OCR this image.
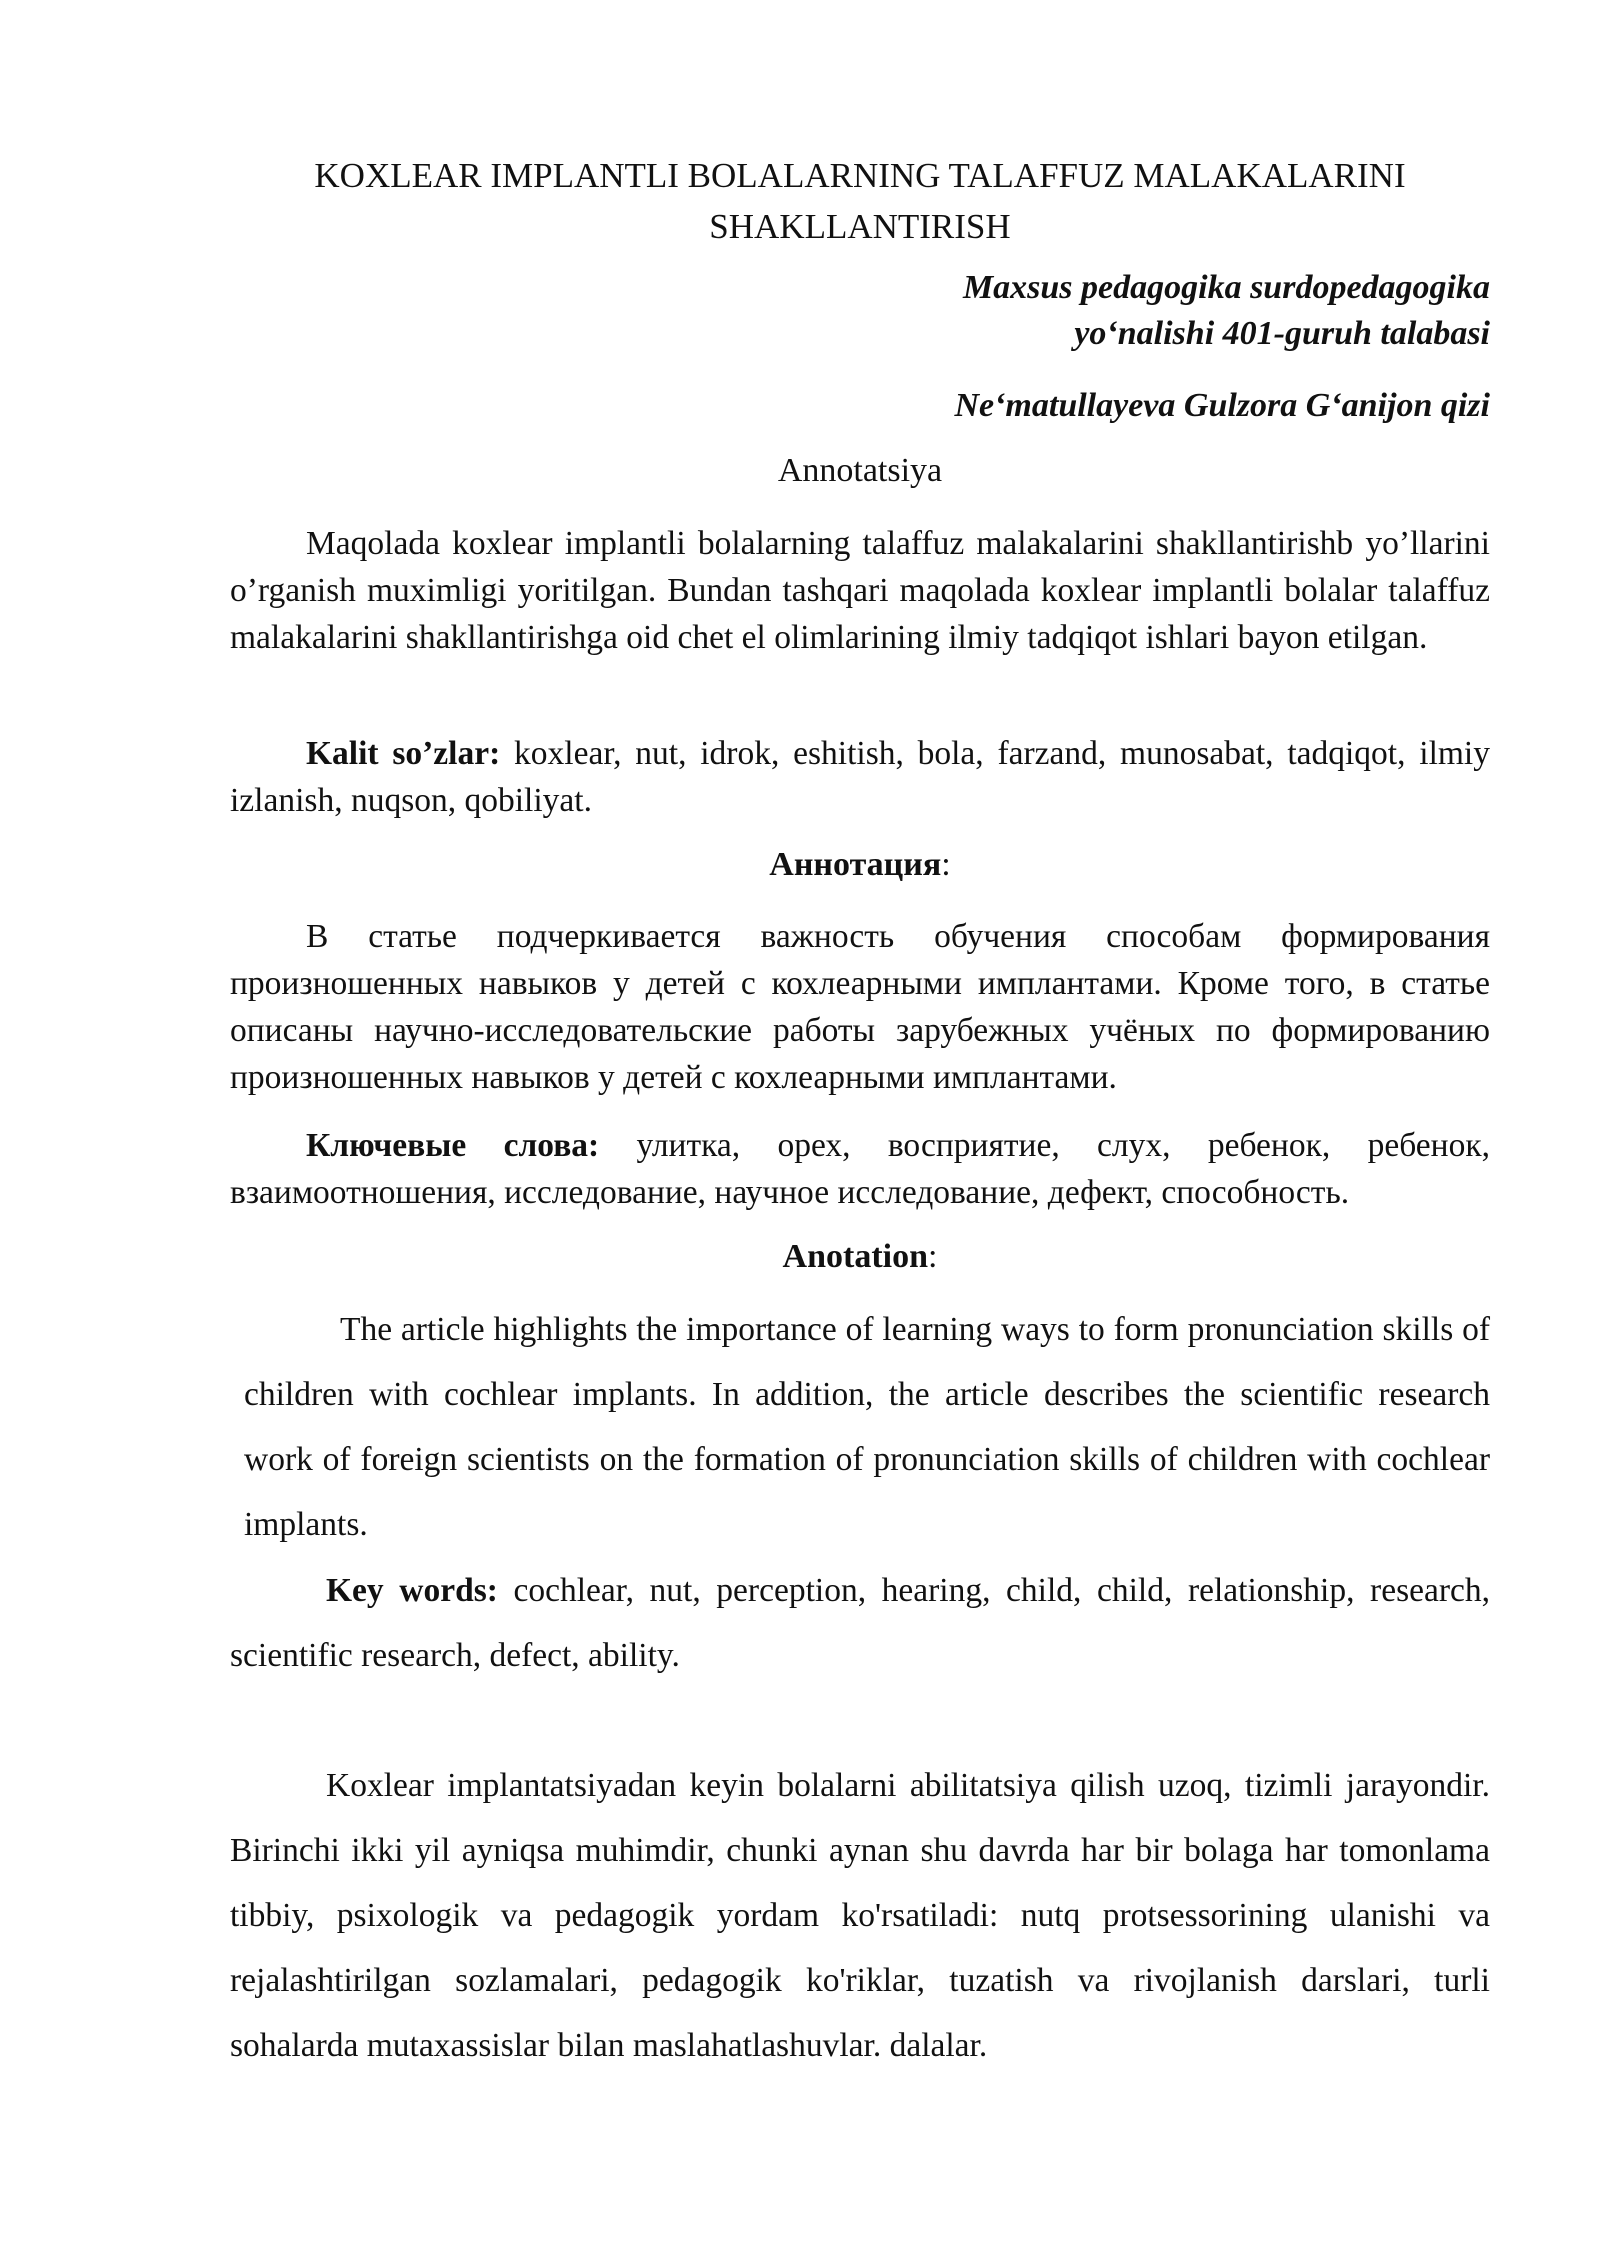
KOXLEAR IMPLANTLI BOLALARNING TALAFFUZ MALAKALARINI
SHAKLLANTIRISH
Maxsus pedagogika surdopedagogika
yo‘nalishi 401-guruh talabasi
Ne‘matullayeva Gulzora G‘anijon qizi
Annotatsiya
Maqolada koxlear implantli bolalarning talaffuz malakalarini shakllantirishb yo’llarini o’rganish muximligi yoritilgan. Bundan tashqari maqolada koxlear implantli bolalar talaffuz malakalarini shakllantirishga oid chet el olimlarining ilmiy tadqiqot ishlari bayon etilgan.
Kalit so’zlar: koxlear, nut, idrok, eshitish, bola, farzand, munosabat, tadqiqot, ilmiy izlanish, nuqson, qobiliyat.
Аннотация:
В статье подчеркивается важность обучения способам формирования произношенных навыков у детей с кохлеарными имплантами. Кроме того, в статье описаны научно-исследовательские работы зарубежных учёных по формированию произношенных навыков у детей с кохлеарными имплантами.
Ключевые слова: улитка, орех, восприятие, слух, ребенок, ребенок, взаимоотношения, исследование, научное исследование, дефект, способность.
Anotation:
The article highlights the importance of learning ways to form pronunciation skills of children with cochlear implants. In addition, the article describes the scientific research work of foreign scientists on the formation of pronunciation skills of children with cochlear implants.
Key words: cochlear, nut, perception, hearing, child, child, relationship, research, scientific research, defect, ability.
Koxlear implantatsiyadan keyin bolalarni abilitatsiya qilish uzoq, tizimli jarayondir. Birinchi ikki yil ayniqsa muhimdir, chunki aynan shu davrda har bir bolaga har tomonlama tibbiy, psixologik va pedagogik yordam ko'rsatiladi: nutq protsessorining ulanishi va rejalashtirilgan sozlamalari, pedagogik ko'riklar, tuzatish va rivojlanish darslari, turli sohalarda mutaxassislar bilan maslahatlashuvlar. dalalar.
